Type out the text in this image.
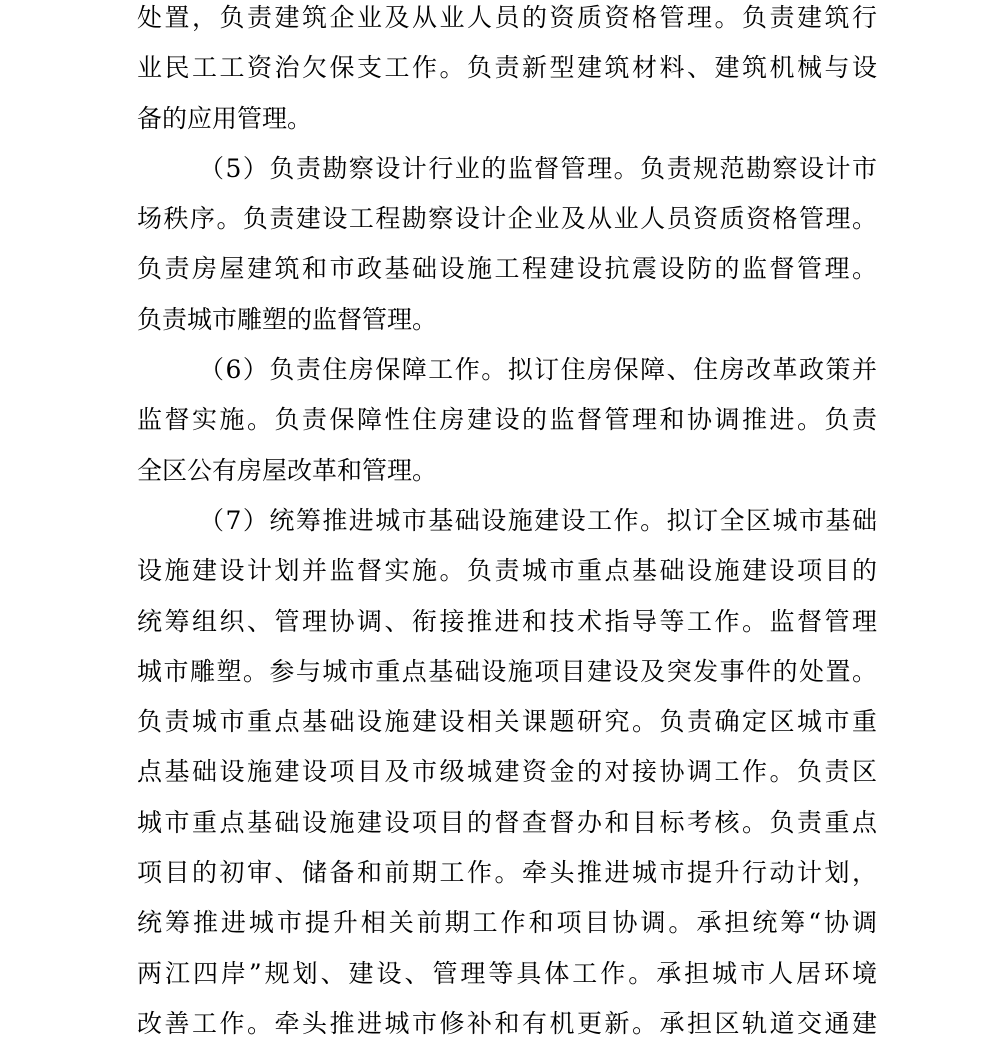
处置，负责建筑企业及从业人员的资质资格管理。负责建筑行
业民工工资治欠保支工作。负责新型建筑材料、建筑机械与设
备的应用管理。
（5）负责勘察设计行业的监督管理。负责规范勘察设计市
场秩序。负责建设工程勘察设计企业及从业人员资质资格管理。
负责房屋建筑和市政基础设施工程建设抗震设防的监督管理。
负责城市雕塑的监督管理。
（6）负责住房保障工作。拟订住房保障、住房改革政策并
监督实施。负责保障性住房建设的监督管理和协调推进。负责
全区公有房屋改革和管理。
（7）统筹推进城市基础设施建设工作。拟订全区城市基础
设施建设计划并监督实施。负责城市重点基础设施建设项目的
统筹组织、管理协调、衔接推进和技术指导等工作。监督管理
城市雕塑。参与城市重点基础设施项目建设及突发事件的处置。
负责城市重点基础设施建设相关课题研究。负责确定区城市重
点基础设施建设项目及市级城建资金的对接协调工作。负责区
城市重点基础设施建设项目的督查督办和目标考核。负责重点
项目的初审、储备和前期工作。牵头推进城市提升行动计划，
统筹推进城市提升相关前期工作和项目协调。承担统筹“协调
两江四岸”规划、建设、管理等具体工作。承担城市人居环境
改善工作。牵头推进城市修补和有机更新。承担区轨道交通建
